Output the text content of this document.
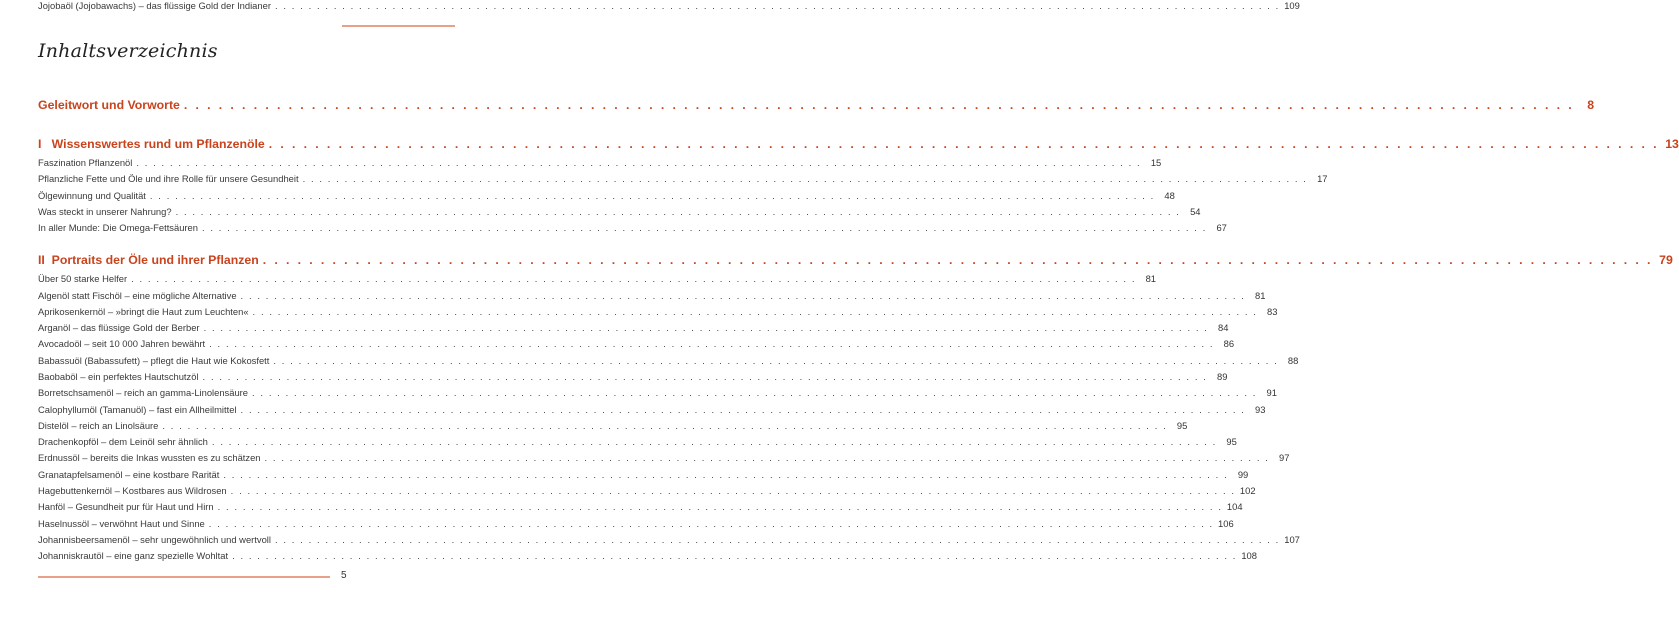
Inhaltsverzeichnis
Geleitwort und Vorworte . . . . . . . . . . . . . . . . . . . . . . . . . . . . . . . . . . . . . . . . . . . . . . . . . . . . . . . . . . . . . . . . . . . . . . . . . . . . . . . . . . . . . . . . . . . . . . . . . . . . . . . . . . . . . . . . . . . . . . . .	8
I   Wissenswertes rund um Pflanzenöle . . . . . . . . . . . . . . . . . . . . . . . . . . . . . . . . . . . . . . . . . . . . . . . . . . . . . . . . . . . . . . . . . . . . . . . . . . . . . . . . . . . . . . . . . . . . . . . . . . . . . . . . . . . . . . . . . . . . . . . . 13
Faszination Pflanzenöl . . . . . . . . . . . . . . . . . . . . . . . . . . . . . . . . . . . . . . . . . . . . . . . . . . . . . . . . . . . . . . . . . . . . . . . . . . . . . . . . . . . . . . . . . . . . . . . . . . . . . . . . . . . . . . . . . . . . . . . .	15
Pflanzliche Fette und Öle und ihre Rolle für unsere Gesundheit . . . . . . . . . . . . . . . . . . . . . . . . . . . . . . . . . . . . . . . . . . . . . . . . . . . . . . . . . . . . . . . . . . . . . . . . . . . . . . . . . . . . . . . . . . . . . . . . . . . . . . . . . . . . . . . . . . . . . . . .	17
Ölgewinnung und Qualität . . . . . . . . . . . . . . . . . . . . . . . . . . . . . . . . . . . . . . . . . . . . . . . . . . . . . . . . . . . . . . . . . . . . . . . . . . . . . . . . . . . . . . . . . . . . . . . . . . . . . . . . . . . . . . . . . . . . . . . .	48
Was steckt in unserer Nahrung? . . . . . . . . . . . . . . . . . . . . . . . . . . . . . . . . . . . . . . . . . . . . . . . . . . . . . . . . . . . . . . . . . . . . . . . . . . . . . . . . . . . . . . . . . . . . . . . . . . . . . . . . . . . . . . . . . . . . . . . .	54
In aller Munde: Die Omega-Fettsäuren . . . . . . . . . . . . . . . . . . . . . . . . . . . . . . . . . . . . . . . . . . . . . . . . . . . . . . . . . . . . . . . . . . . . . . . . . . . . . . . . . . . . . . . . . . . . . . . . . . . . . . . . . . . . . . . . . . . . . . . .	67
II  Portraits der Öle und ihrer Pflanzen . . . . . . . . . . . . . . . . . . . . . . . . . . . . . . . . . . . . . . . . . . . . . . . . . . . . . . . . . . . . . . . . . . . . . . . . . . . . . . . . . . . . . . . . . . . . . . . . . . . . . . . . . . . . . . . . . . . . . . . . 79
Über 50 starke Helfer . . . . . . . . . . . . . . . . . . . . . . . . . . . . . . . . . . . . . . . . . . . . . . . . . . . . . . . . . . . . . . . . . . . . . . . . . . . . . . . . . . . . . . . . . . . . . . . . . . . . . . . . . . . . . . . . . . . . . . . .	81
Algenöl statt Fischöl – eine mögliche Alternative . . . . . . . . . . . . . . . . . . . . . . . . . . . . . . . . . . . . . . . . . . . . . . . . . . . . . . . . . . . . . . . . . . . . . . . . . . . . . . . . . . . . . . . . . . . . . . . . . . . . . . . . . . . . . . . . . . . . . . . .	81
Aprikosenkernöl – »bringt die Haut zum Leuchten« . . . . . . . . . . . . . . . . . . . . . . . . . . . . . . . . . . . . . . . . . . . . . . . . . . . . . . . . . . . . . . . . . . . . . . . . . . . . . . . . . . . . . . . . . . . . . . . . . . . . . . . . . . . . . . . . . . . . . . . .	83
Arganöl – das flüssige Gold der Berber . . . . . . . . . . . . . . . . . . . . . . . . . . . . . . . . . . . . . . . . . . . . . . . . . . . . . . . . . . . . . . . . . . . . . . . . . . . . . . . . . . . . . . . . . . . . . . . . . . . . . . . . . . . . . . . . . . . . . . . .	84
Avocadoöl – seit 10 000 Jahren bewährt . . . . . . . . . . . . . . . . . . . . . . . . . . . . . . . . . . . . . . . . . . . . . . . . . . . . . . . . . . . . . . . . . . . . . . . . . . . . . . . . . . . . . . . . . . . . . . . . . . . . . . . . . . . . . . . . . . . . . . . .	86
Babassuöl (Babassufett) – pflegt die Haut wie Kokosfett . . . . . . . . . . . . . . . . . . . . . . . . . . . . . . . . . . . . . . . . . . . . . . . . . . . . . . . . . . . . . . . . . . . . . . . . . . . . . . . . . . . . . . . . . . . . . . . . . . . . . . . . . . . . . . . . . . . . . . . .	88
Baobaböl – ein perfektes Hautschutzöl . . . . . . . . . . . . . . . . . . . . . . . . . . . . . . . . . . . . . . . . . . . . . . . . . . . . . . . . . . . . . . . . . . . . . . . . . . . . . . . . . . . . . . . . . . . . . . . . . . . . . . . . . . . . . . . . . . . . . . . .	89
Borretschsamenöl – reich an gamma-Linolensäure . . . . . . . . . . . . . . . . . . . . . . . . . . . . . . . . . . . . . . . . . . . . . . . . . . . . . . . . . . . . . . . . . . . . . . . . . . . . . . . . . . . . . . . . . . . . . . . . . . . . . . . . . . . . . . . . . . . . . . . .	91
Calophyllumöl (Tamanuöl) – fast ein Allheilmittel . . . . . . . . . . . . . . . . . . . . . . . . . . . . . . . . . . . . . . . . . . . . . . . . . . . . . . . . . . . . . . . . . . . . . . . . . . . . . . . . . . . . . . . . . . . . . . . . . . . . . . . . . . . . . . . . . . . . . . . .	93
Distelöl – reich an Linolsäure . . . . . . . . . . . . . . . . . . . . . . . . . . . . . . . . . . . . . . . . . . . . . . . . . . . . . . . . . . . . . . . . . . . . . . . . . . . . . . . . . . . . . . . . . . . . . . . . . . . . . . . . . . . . . . . . . . . . . . . .	95
Drachenkopföl – dem Leinöl sehr ähnlich . . . . . . . . . . . . . . . . . . . . . . . . . . . . . . . . . . . . . . . . . . . . . . . . . . . . . . . . . . . . . . . . . . . . . . . . . . . . . . . . . . . . . . . . . . . . . . . . . . . . . . . . . . . . . . . . . . . . . . . .	95
Erdnussöl – bereits die Inkas wussten es zu schätzen . . . . . . . . . . . . . . . . . . . . . . . . . . . . . . . . . . . . . . . . . . . . . . . . . . . . . . . . . . . . . . . . . . . . . . . . . . . . . . . . . . . . . . . . . . . . . . . . . . . . . . . . . . . . . . . . . . . . . . . .	97
Granatapfelsamenöl – eine kostbare Rarität . . . . . . . . . . . . . . . . . . . . . . . . . . . . . . . . . . . . . . . . . . . . . . . . . . . . . . . . . . . . . . . . . . . . . . . . . . . . . . . . . . . . . . . . . . . . . . . . . . . . . . . . . . . . . . . . . . . . . . . .	99
Hagebuttenkernöl – Kostbares aus Wildrosen . . . . . . . . . . . . . . . . . . . . . . . . . . . . . . . . . . . . . . . . . . . . . . . . . . . . . . . . . . . . . . . . . . . . . . . . . . . . . . . . . . . . . . . . . . . . . . . . . . . . . . . . . . . . . . . . . . . . . . . . 102
Hanföl – Gesundheit pur für Haut und Hirn . . . . . . . . . . . . . . . . . . . . . . . . . . . . . . . . . . . . . . . . . . . . . . . . . . . . . . . . . . . . . . . . . . . . . . . . . . . . . . . . . . . . . . . . . . . . . . . . . . . . . . . . . . . . . . . . . . . . . . . . 104
Haselnussöl – verwöhnt Haut und Sinne . . . . . . . . . . . . . . . . . . . . . . . . . . . . . . . . . . . . . . . . . . . . . . . . . . . . . . . . . . . . . . . . . . . . . . . . . . . . . . . . . . . . . . . . . . . . . . . . . . . . . . . . . . . . . . . . . . . . . . . . 106
Johannisbeersamenöl – sehr ungewöhnlich und wertvoll . . . . . . . . . . . . . . . . . . . . . . . . . . . . . . . . . . . . . . . . . . . . . . . . . . . . . . . . . . . . . . . . . . . . . . . . . . . . . . . . . . . . . . . . . . . . . . . . . . . . . . . . . . . . . . . . . . . . . . . . 107
Johanniskrautöl – eine ganz spezielle Wohltat . . . . . . . . . . . . . . . . . . . . . . . . . . . . . . . . . . . . . . . . . . . . . . . . . . . . . . . . . . . . . . . . . . . . . . . . . . . . . . . . . . . . . . . . . . . . . . . . . . . . . . . . . . . . . . . . . . . . . . . . 108
Jojobaöl (Jojobawachs) – das flüssige Gold der Indianer . . . . . . . . . . . . . . . . . . . . . . . . . . . . . . . . . . . . . . . . . . . . . . . . . . . . . . . . . . . . . . . . . . . . . . . . . . . . . . . . . . . . . . . . . . . . . . . . . . . . . . . . . . . . . . . . . . . . . . . . 109
5
